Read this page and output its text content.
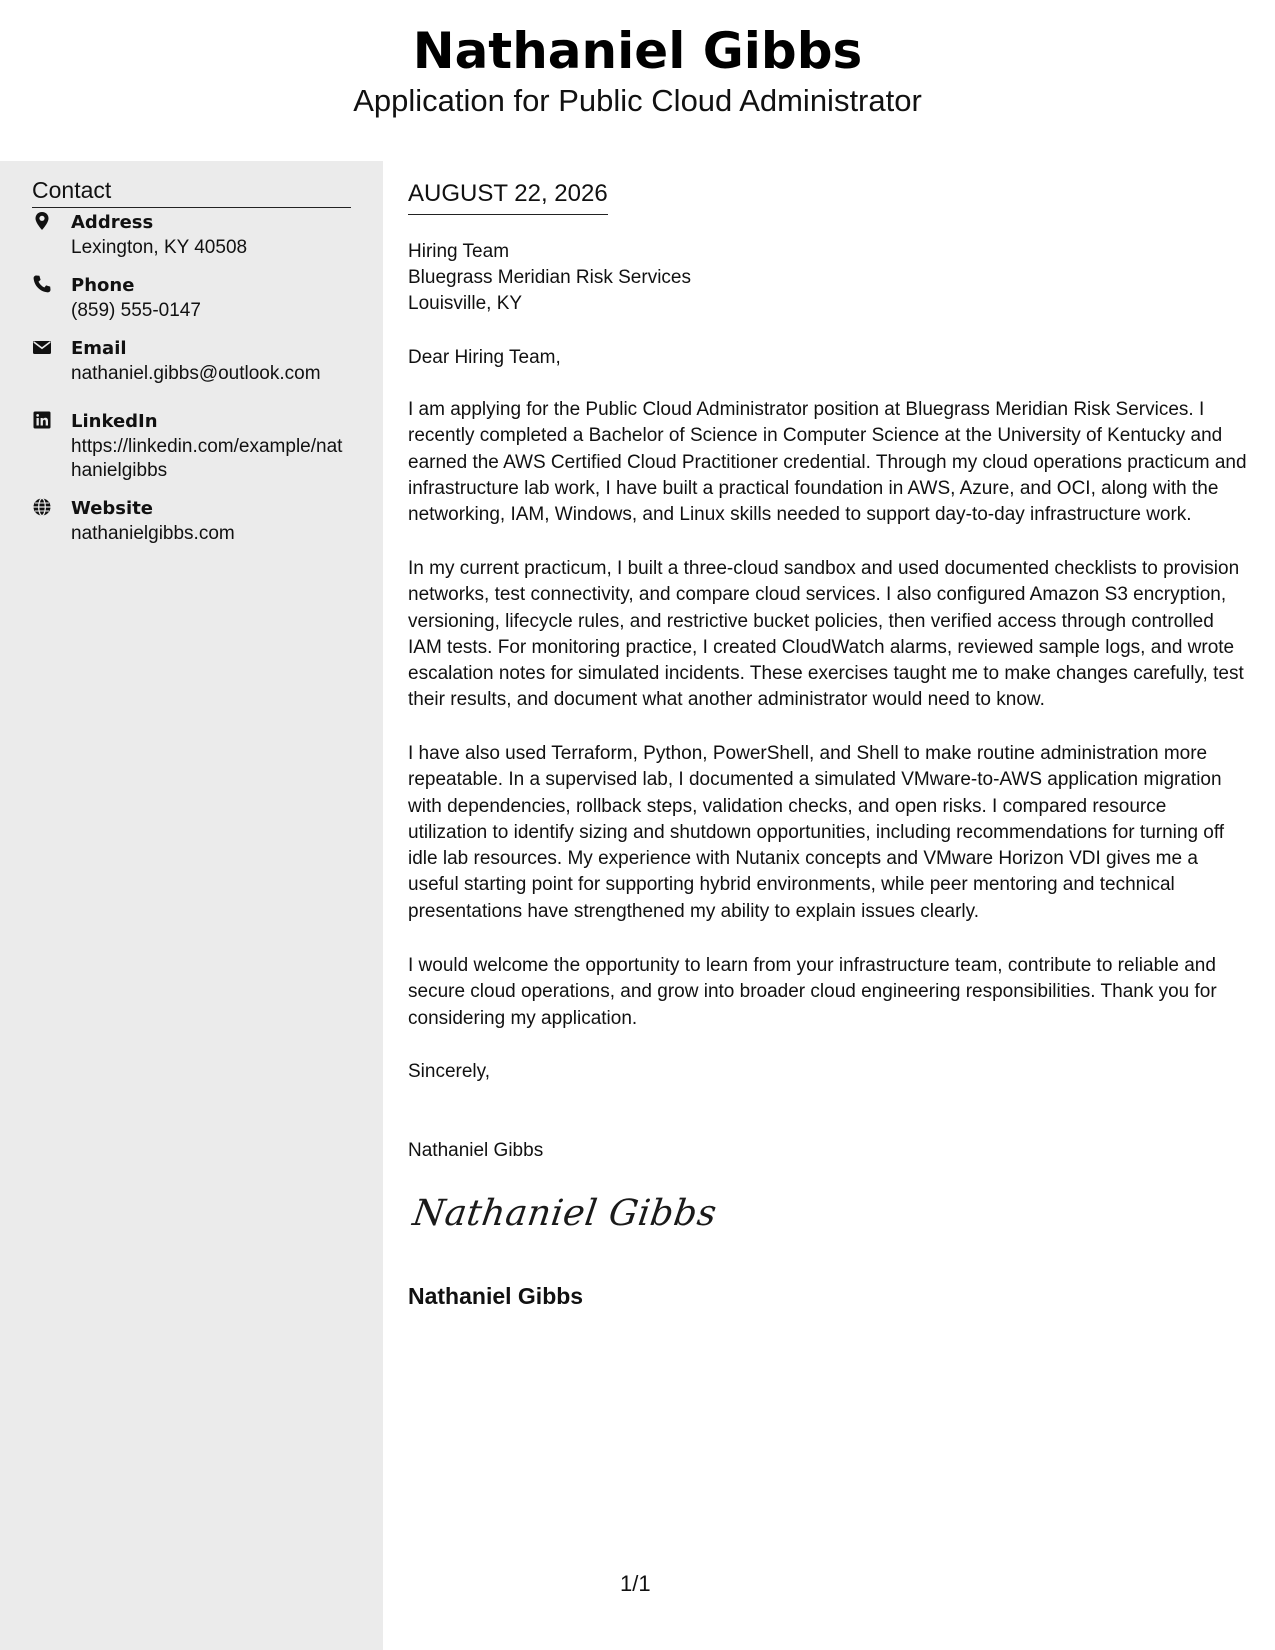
Nathaniel Gibbs
Application for Public Cloud Administrator
Contact
Address
Lexington, KY 40508
Phone
(859) 555-0147
Email
nathaniel.gibbs@outlook.com
LinkedIn
https://linkedin.com/example/nathanielgibbs
Website
nathanielgibbs.com
AUGUST 22, 2026
Hiring Team
Bluegrass Meridian Risk Services
Louisville, KY
Dear Hiring Team,

I am applying for the Public Cloud Administrator position at Bluegrass Meridian Risk Services. I recently completed a Bachelor of Science in Computer Science at the University of Kentucky and earned the AWS Certified Cloud Practitioner credential. Through my cloud operations practicum and infrastructure lab work, I have built a practical foundation in AWS, Azure, and OCI, along with the networking, IAM, Windows, and Linux skills needed to support day-to-day infrastructure work.

In my current practicum, I built a three-cloud sandbox and used documented checklists to provision networks, test connectivity, and compare cloud services. I also configured Amazon S3 encryption, versioning, lifecycle rules, and restrictive bucket policies, then verified access through controlled IAM tests. For monitoring practice, I created CloudWatch alarms, reviewed sample logs, and wrote escalation notes for simulated incidents. These exercises taught me to make changes carefully, test their results, and document what another administrator would need to know.

I have also used Terraform, Python, PowerShell, and Shell to make routine administration more repeatable. In a supervised lab, I documented a simulated VMware-to-AWS application migration with dependencies, rollback steps, validation checks, and open risks. I compared resource utilization to identify sizing and shutdown opportunities, including recommendations for turning off idle lab resources. My experience with Nutanix concepts and VMware Horizon VDI gives me a useful starting point for supporting hybrid environments, while peer mentoring and technical presentations have strengthened my ability to explain issues clearly.

I would welcome the opportunity to learn from your infrastructure team, contribute to reliable and secure cloud operations, and grow into broader cloud engineering responsibilities. Thank you for considering my application.

Sincerely,
Nathaniel Gibbs
Nathaniel Gibbs
Nathaniel Gibbs
1/1
